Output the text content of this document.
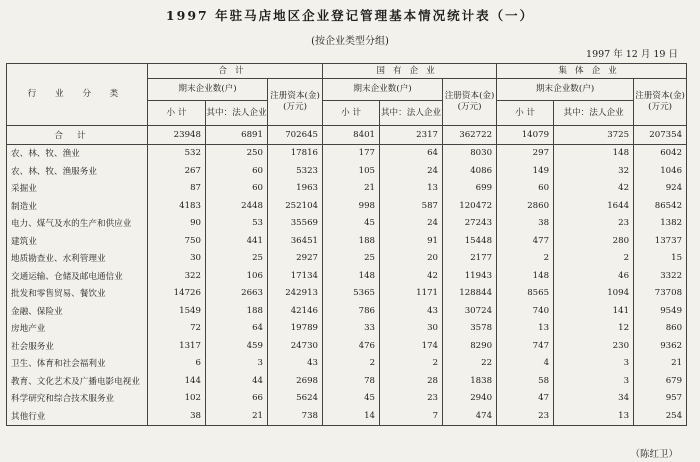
1997 年驻马店地区企业登记管理基本情况统计表（一）
(按企业类型分组)
1997 年 12 月 19 日
行 业 分 类	合计			国有企业			集体企业		
	期末企业数(户)		注册资本(金)(万元)	期末企业数(户)		注册资本(金)(万元)	期末企业数(户)		注册资本(金)(万元)
	小 计	其中：法人企业		小 计	其中：法人企业		小 计	其中：法人企业	
合计	23948	6891	702645	8401	2317	362722	14079	3725	207354
农、林、牧、渔业	532	250	17816	177	64	8030	297	148	6042
农、林、牧、渔服务业	267	60	5323	105	24	4086	149	32	1046
采掘业	87	60	1963	21	13	699	60	42	924
制造业	4183	2448	252104	998	587	120472	2860	1644	86542
电力、煤气及水的生产和供应业	90	53	35569	45	24	27243	38	23	1382
建筑业	750	441	36451	188	91	15448	477	280	13737
地质勘查业、水利管理业	30	25	2927	25	20	2177	2	2	15
交通运输、仓储及邮电通信业	322	106	17134	148	42	11943	148	46	3322
批发和零售贸易、餐饮业	14726	2663	242913	5365	1171	128844	8565	1094	73708
金融、保险业	1549	188	42146	786	43	30724	740	141	9549
房地产业	72	64	19789	33	30	3578	13	12	860
社会服务业	1317	459	24730	476	174	8290	747	230	9362
卫生、体育和社会福利业	6	3	43	2	2	22	4	3	21
教育、文化艺术及广播电影电视业	144	44	2698	78	28	1838	58	3	679
科学研究和综合技术服务业	102	66	5624	45	23	2940	47	34	957
其他行业	38	21	738	14	7	474	23	13	254
（陈红卫）
